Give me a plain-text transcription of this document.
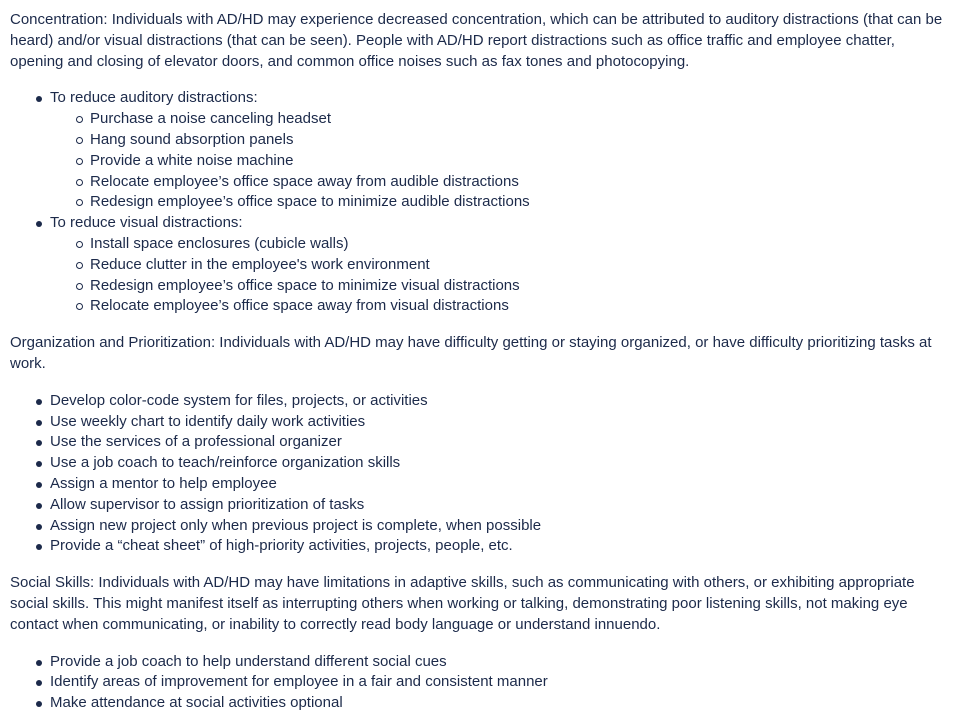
Concentration: Individuals with AD/HD may experience decreased concentration, which can be attributed to auditory distractions (that can be heard) and/or visual distractions (that can be seen). People with AD/HD report distractions such as office traffic and employee chatter, opening and closing of elevator doors, and common office noises such as fax tones and photocopying.

To reduce auditory distractions:
Purchase a noise canceling headset
Hang sound absorption panels
Provide a white noise machine
Relocate employee’s office space away from audible distractions
Redesign employee’s office space to minimize audible distractions
To reduce visual distractions:
Install space enclosures (cubicle walls)
Reduce clutter in the employee's work environment
Redesign employee’s office space to minimize visual distractions
Relocate employee’s office space away from visual distractions

Organization and Prioritization: Individuals with AD/HD may have difficulty getting or staying organized, or have difficulty prioritizing tasks at work.

Develop color-code system for files, projects, or activities
Use weekly chart to identify daily work activities
Use the services of a professional organizer
Use a job coach to teach/reinforce organization skills
Assign a mentor to help employee
Allow supervisor to assign prioritization of tasks
Assign new project only when previous project is complete, when possible
Provide a “cheat sheet” of high-priority activities, projects, people, etc.

Social Skills: Individuals with AD/HD may have limitations in adaptive skills, such as communicating with others, or exhibiting appropriate social skills. This might manifest itself as interrupting others when working or talking, demonstrating poor listening skills, not making eye contact when communicating, or inability to correctly read body language or understand innuendo.

Provide a job coach to help understand different social cues
Identify areas of improvement for employee in a fair and consistent manner
Make attendance at social activities optional
